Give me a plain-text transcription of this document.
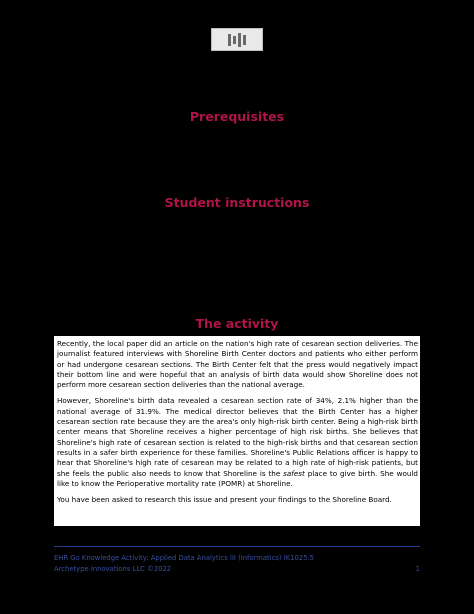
Prerequisites
Student instructions
The activity

Recently, the local paper did an article on the nation's high rate of cesarean section deliveries. The journalist featured interviews with Shoreline Birth Center doctors and patients who either perform or had undergone cesarean sections. The Birth Center felt that the press would negatively impact their bottom line and were hopeful that an analysis of birth data would show Shoreline does not perform more cesarean section deliveries than the national average.

However, Shoreline's birth data revealed a cesarean section rate of 34%, 2.1% higher than the national average of 31.9%. The medical director believes that the Birth Center has a higher cesarean section rate because they are the area's only high-risk birth center. Being a high-risk birth center means that Shoreline receives a higher percentage of high risk births. She believes that Shoreline's high rate of cesarean section is related to the high-risk births and that cesarean section results in a safer birth experience for these families. Shoreline's Public Relations officer is happy to hear that Shoreline's high rate of cesarean may be related to a high rate of high-risk patients, but she feels the public also needs to know that Shoreline is the safest place to give birth. She would like to know the Perioperative mortality rate (POMR) at Shoreline.

You have been asked to research this issue and present your findings to the Shoreline Board.

EHR Go Knowledge Activity: Applied Data Analytics III (Informatics) IK1025.5
Archetype Innovations LLC ©2022	1
